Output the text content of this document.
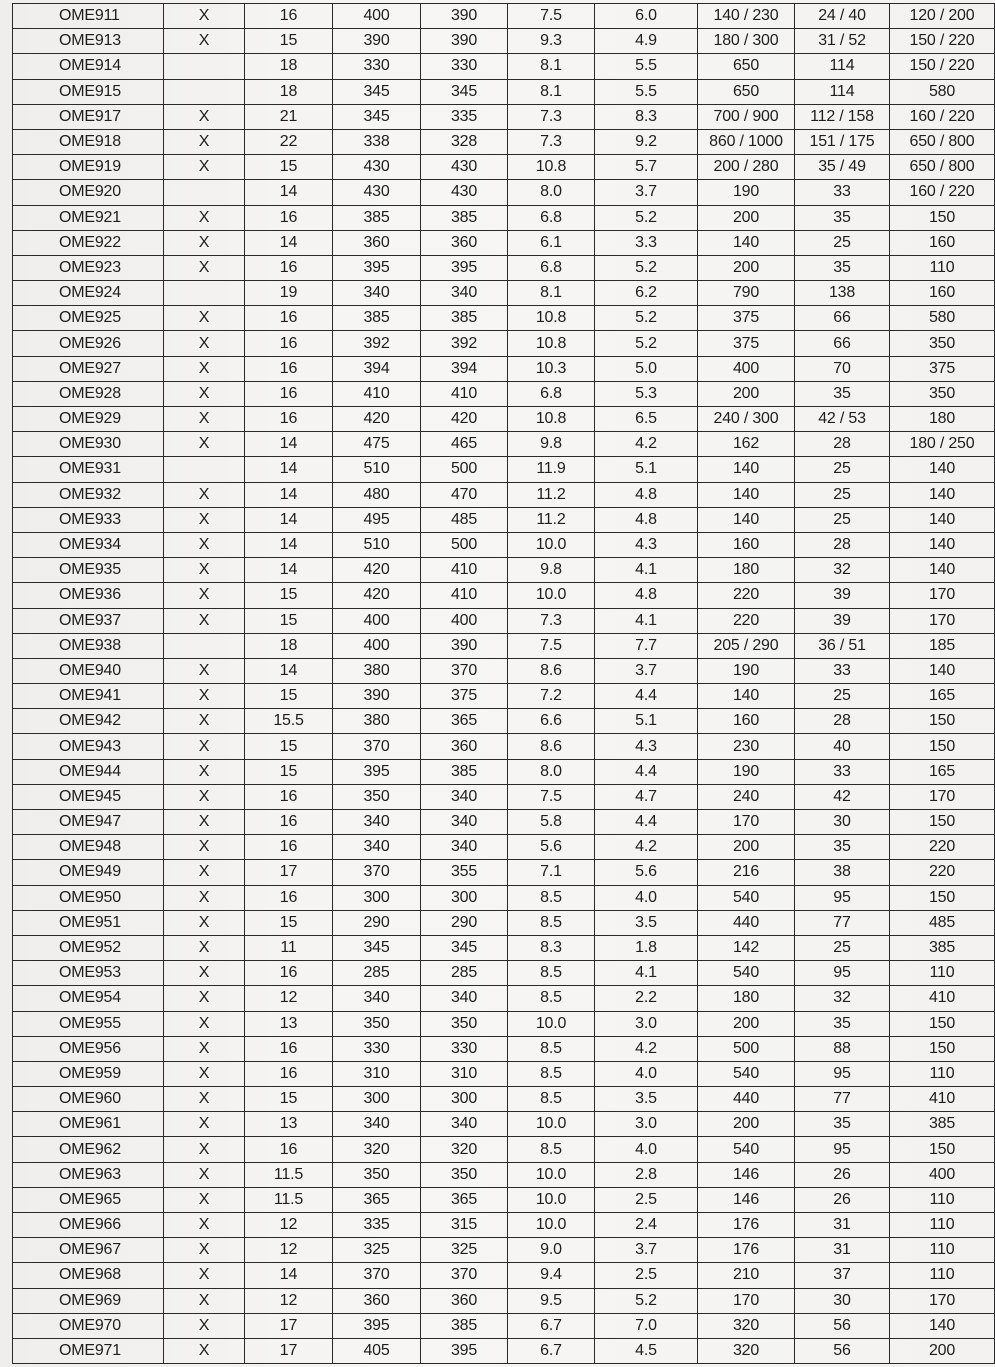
OME911	X	16	400	390	7.5	6.0	140 / 230	24 / 40	120 / 200
OME913	X	15	390	390	9.3	4.9	180 / 300	31 / 52	150 / 220
OME914		18	330	330	8.1	5.5	650	114	150 / 220
OME915		18	345	345	8.1	5.5	650	114	580
OME917	X	21	345	335	7.3	8.3	700 / 900	112 / 158	160 / 220
OME918	X	22	338	328	7.3	9.2	860 / 1000	151 / 175	650 / 800
OME919	X	15	430	430	10.8	5.7	200 / 280	35 / 49	650 / 800
OME920		14	430	430	8.0	3.7	190	33	160 / 220
OME921	X	16	385	385	6.8	5.2	200	35	150
OME922	X	14	360	360	6.1	3.3	140	25	160
OME923	X	16	395	395	6.8	5.2	200	35	110
OME924		19	340	340	8.1	6.2	790	138	160
OME925	X	16	385	385	10.8	5.2	375	66	580
OME926	X	16	392	392	10.8	5.2	375	66	350
OME927	X	16	394	394	10.3	5.0	400	70	375
OME928	X	16	410	410	6.8	5.3	200	35	350
OME929	X	16	420	420	10.8	6.5	240 / 300	42 / 53	180
OME930	X	14	475	465	9.8	4.2	162	28	180 / 250
OME931		14	510	500	11.9	5.1	140	25	140
OME932	X	14	480	470	11.2	4.8	140	25	140
OME933	X	14	495	485	11.2	4.8	140	25	140
OME934	X	14	510	500	10.0	4.3	160	28	140
OME935	X	14	420	410	9.8	4.1	180	32	140
OME936	X	15	420	410	10.0	4.8	220	39	170
OME937	X	15	400	400	7.3	4.1	220	39	170
OME938		18	400	390	7.5	7.7	205 / 290	36 / 51	185
OME940	X	14	380	370	8.6	3.7	190	33	140
OME941	X	15	390	375	7.2	4.4	140	25	165
OME942	X	15.5	380	365	6.6	5.1	160	28	150
OME943	X	15	370	360	8.6	4.3	230	40	150
OME944	X	15	395	385	8.0	4.4	190	33	165
OME945	X	16	350	340	7.5	4.7	240	42	170
OME947	X	16	340	340	5.8	4.4	170	30	150
OME948	X	16	340	340	5.6	4.2	200	35	220
OME949	X	17	370	355	7.1	5.6	216	38	220
OME950	X	16	300	300	8.5	4.0	540	95	150
OME951	X	15	290	290	8.5	3.5	440	77	485
OME952	X	11	345	345	8.3	1.8	142	25	385
OME953	X	16	285	285	8.5	4.1	540	95	110
OME954	X	12	340	340	8.5	2.2	180	32	410
OME955	X	13	350	350	10.0	3.0	200	35	150
OME956	X	16	330	330	8.5	4.2	500	88	150
OME959	X	16	310	310	8.5	4.0	540	95	110
OME960	X	15	300	300	8.5	3.5	440	77	410
OME961	X	13	340	340	10.0	3.0	200	35	385
OME962	X	16	320	320	8.5	4.0	540	95	150
OME963	X	11.5	350	350	10.0	2.8	146	26	400
OME965	X	11.5	365	365	10.0	2.5	146	26	110
OME966	X	12	335	315	10.0	2.4	176	31	110
OME967	X	12	325	325	9.0	3.7	176	31	110
OME968	X	14	370	370	9.4	2.5	210	37	110
OME969	X	12	360	360	9.5	5.2	170	30	170
OME970	X	17	395	385	6.7	7.0	320	56	140
OME971	X	17	405	395	6.7	4.5	320	56	200
